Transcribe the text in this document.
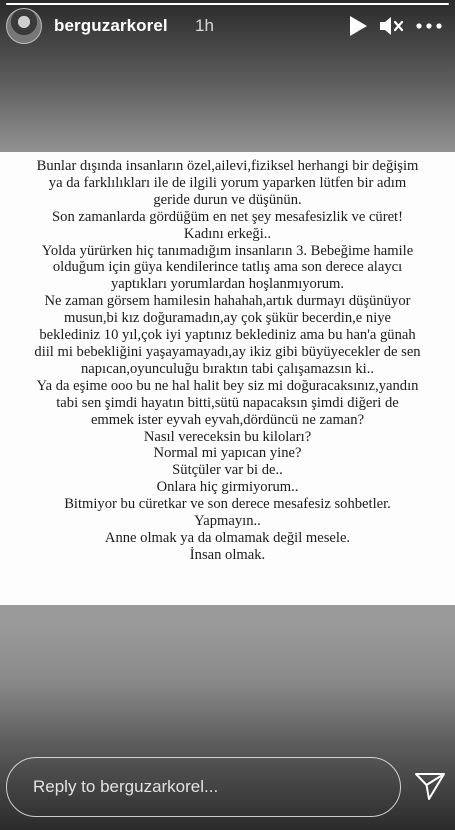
berguzarkorel 1h
Bunlar dışında insanların özel,ailevi,fiziksel herhangi bir değişim
ya da farklılıkları ile de ilgili yorum yaparken lütfen bir adım
geride durun ve düşünün.
Son zamanlarda gördüğüm en net şey mesafesizlik ve cüret!
Kadını erkeği..
Yolda yürürken hiç tanımadığım insanların 3. Bebeğime hamile
olduğum için güya kendilerince tatlış ama son derece alaycı
yaptıkları yorumlardan hoşlanmıyorum.
Ne zaman görsem hamilesin hahahah,artık durmayı düşünüyor
musun,bi kız doğuramadın,ay çok şükür becerdin,e niye
beklediniz 10 yıl,çok iyi yaptınız beklediniz ama bu han'a günah
diil mi bebekliğini yaşayamayadı,ay ikiz gibi büyüyecekler de sen
napıcan,oyunculuğu bıraktın tabi çalışamazsın ki..
Ya da eşime ooo bu ne hal halit bey siz mi doğuracaksınız,yandın
tabi sen şimdi hayatın bitti,sütü napacaksın şimdi diğeri de
emmek ister eyvah eyvah,dördüncü ne zaman?
Nasıl vereceksin bu kiloları?
Normal mi yapıcan yine?
Sütçüler var bi de..
Onlara hiç girmiyorum..
Bitmiyor bu cüretkar ve son derece mesafesiz sohbetler.
Yapmayın..
Anne olmak ya da olmamak değil mesele.
İnsan olmak.
Reply to berguzarkorel...
